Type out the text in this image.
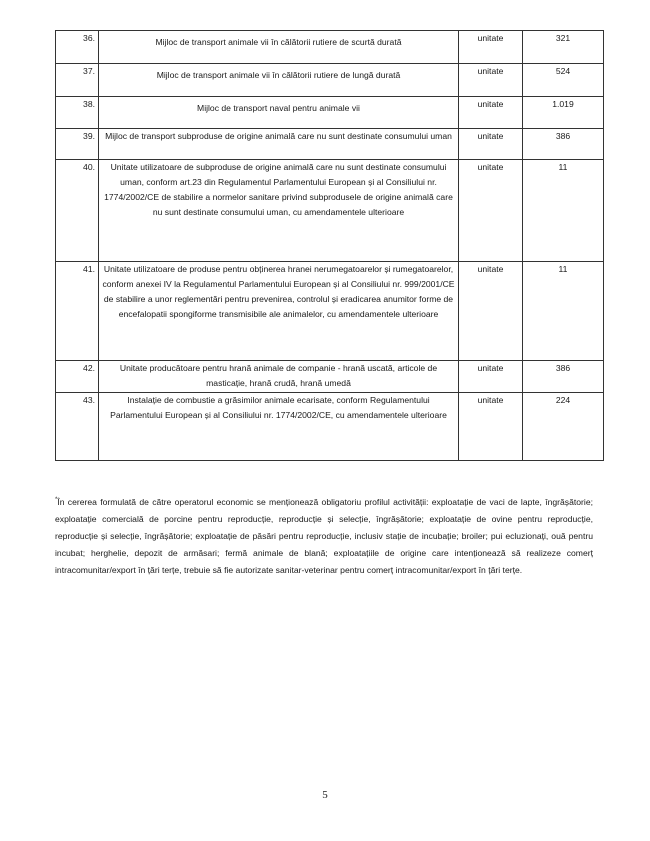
36.	Mijloc de transport animale vii în călătorii rutiere de scurtă durată	unitate	321
37.	Mijloc de transport animale vii în călătorii rutiere de lungă durată	unitate	524
38.	Mijloc de transport naval pentru animale vii	unitate	1.019
39.	Mijloc de transport subproduse de origine animală care nu sunt destinate consumului uman	unitate	386
40.	Unitate utilizatoare de subproduse de origine animală care nu sunt destinate consumului uman, conform art.23 din Regulamentul Parlamentului European și al Consiliului nr. 1774/2002/CE de stabilire a normelor sanitare privind subprodusele de origine animală care nu sunt destinate consumului uman, cu amendamentele ulterioare	unitate	11
41.	Unitate utilizatoare de produse pentru obținerea hranei nerumegatoarelor și rumegatoarelor, conform anexei IV la Regulamentul Parlamentului European și al Consiliului nr. 999/2001/CE de stabilire a unor reglementări pentru prevenirea, controlul și eradicarea anumitor forme de encefalopatii spongiforme transmisibile ale animalelor, cu amendamentele ulterioare	unitate	11
42.	Unitate producătoare pentru hrană animale de companie - hrană uscată, articole de masticație, hrană crudă, hrană umedă	unitate	386
43.	Instalație de combustie a grăsimilor animale ecarisate, conform Regulamentului Parlamentului European și al Consiliului nr. 1774/2002/CE, cu amendamentele ulterioare	unitate	224
*În cererea formulată de către operatorul economic se menționează obligatoriu profilul activității: exploatație de vaci de lapte, îngrășătorie; exploatație comercială de porcine pentru reproducție, reproducție și selecție, îngrășătorie; exploatație de ovine pentru reproducție, reproducție și selecție, îngrășătorie; exploatație de păsări pentru reproducție, inclusiv stație de incubație; broiler; pui ecluzionați, ouă pentru incubat; herghelie, depozit de armăsari; fermă animale de blană; exploatațiile de origine care intenționează să realizeze comerț intracomunitar/export în țări terțe, trebuie să fie autorizate sanitar-veterinar pentru comerț intracomunitar/export în țări terțe.
5
